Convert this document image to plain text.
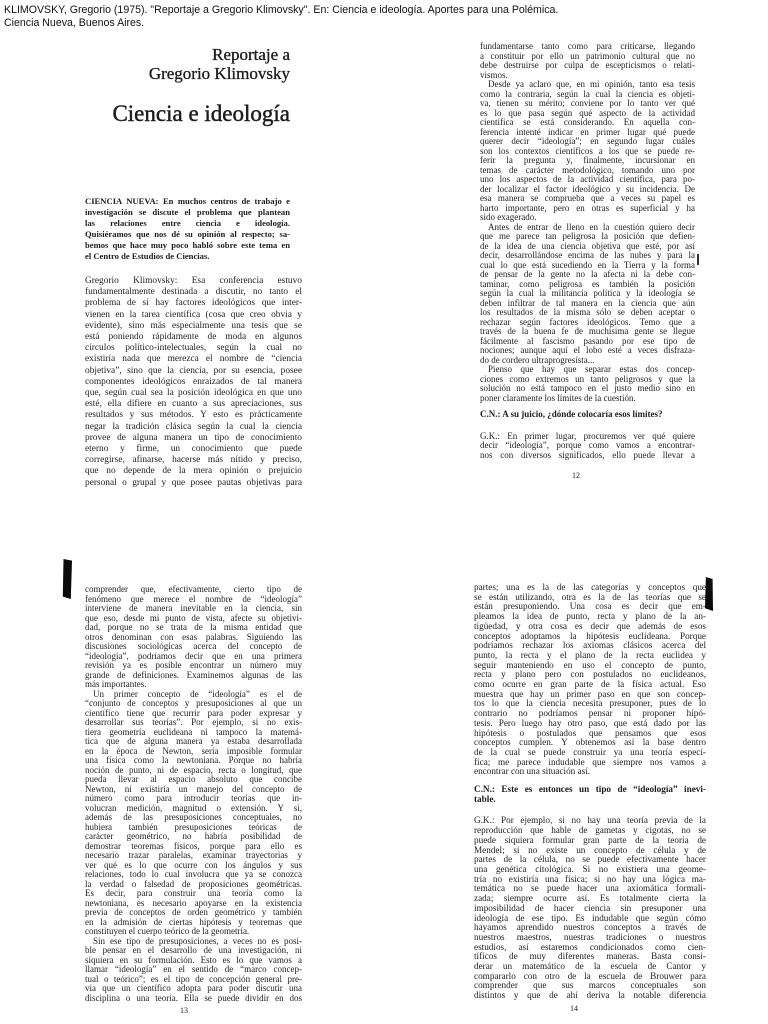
KLIMOVSKY, Gregorio (1975). "Reportaje a Gregorio Klimovsky". En: Ciencia e ideología. Aportes para una Polémica.
Ciencia Nueva, Buenos Aires.
Reportaje a
Gregorio Klimovsky
Ciencia e ideología
CIENCIA NUEVA: En muchos centros de trabajo e
investigación se discute el problema que plantean
las relaciones entre ciencia e ideología.
Quisiéramos que nos dé su opinión al respecto; sa-
bemos que hace muy poco habló sobre este tema en
el Centro de Estudios de Ciencias.
Gregorio Klimovsky: Esa conferencia estuvo
fundamentalmente destinada a discutir, no tanto el
problema de si hay factores ideológicos que inter-
vienen en la tarea científica (cosa que creo obvia y
evidente), sino más especialmente una tesis que se
está poniendo rápidamente de moda en algunos
círculos político-intelectuales, según la cual no
existiría nada que merezca el nombre de “ciencia
objetiva”, sino que la ciencia, por su esencia, posee
componentes ideológicos enraizados de tal manera
que, según cual sea la posición ideológica en que uno
esté, ella difiere en cuanto a sus apreciaciones, sus
resultados y sus métodos. Y esto es prácticamente
negar la tradición clásica según la cual la ciencia
provee de alguna manera un tipo de conocimiento
eterno y firme, un conocimiento que puede
corregirse, afinarse, hacerse más nítido y preciso,
que no depende de la mera opinión o prejuicio
personal o grupal y que posee pautas objetivas para
fundamentarse tanto como para criticarse, llegando
a constituir por ello un patrimonio cultural que no
debe destruirse por culpa de escepticismos o relati-
vismos.
Desde ya aclaro que, en mi opinión, tanto esa tesis
como la contraria, según la cual la ciencia es objeti-
va, tienen su mérito; conviene por lo tanto ver qué
es lo que pasa según qué aspecto de la actividad
científica se está considerando. En aquella con-
ferencia intenté indicar en primer lugar qué puede
querer decir “ideología”; en segundo lugar cuáles
son los contextos científicos a los que se puede re-
ferir la pregunta y, finalmente, incursionar en
temas de carácter metodológico, tomando uno por
uno los aspectos de la actividad científica, para po-
der localizar el factor ideológico y su incidencia. De
esa manera se comprueba que a veces su papel es
harto importante, pero en otras es superficial y ha
sido exagerado.
Antes de entrar de lleno en la cuestión quiero decir
que me parece tan peligrosa la posición que defien-
de la idea de una ciencia objetiva que esté, por así
decir, desarrollándose encima de las nubes y para la
cual lo que está sucediendo en la Tierra y la forma
de pensar de la gente no la afecta ni la debe con-
taminar, como peligrosa es también la posición
según la cual la militancia política y la ideología se
deben infiltrar de tal manera en la ciencia que aún
los resultados de la misma sólo se deben aceptar o
rechazar según factores ideológicos. Temo que a
través de la buena fe de muchísima gente se llegue
fácilmente al fascismo pasando por ese tipo de
nociones; aunque aquí el lobo esté a veces disfraza-
do de cordero ultraprogresista...
Pienso que hay que separar estas dos concep-
ciones como extremos un tanto peligrosos y que la
solución no está tampoco en el justo medio sino en
poner claramente los límites de la cuestión.
C.N.: A su juicio, ¿dónde colocaría esos límites?
G.K.: En primer lugar, procuremos ver qué quiere
decir “ideología”, porque como vamos a encontrar-
nos con diversos significados, ello puede llevar a
12
comprender que, efectivamente, cierto tipo de
fenómeno que merece el nombre de “ideología”
interviene de manera inevitable en la ciencia, sin
que eso, desde mi punto de vista, afecte su objetivi-
dad, porque no se trata de la misma entidad que
otros denominan con esas palabras. Siguiendo las
discusiones sociológicas acerca del concepto de
“ideología”, podríamos decir que en una primera
revisión ya es posible encontrar un número muy
grande de definiciones. Examinemos algunas de las
más importantes.
Un primer concepto de “ideología” es el de
“conjunto de conceptos y presuposiciones al que un
científico tiene que recurrir para poder expresar y
desarrollar sus teorías”. Por ejemplo, si no exis-
tiera geometría euclideana ni tampoco la matemá-
tica que de alguna manera ya estaba desarrollada
en la época de Newton, sería imposible formular
una física como la newtoniana. Porque no habría
noción de punto, ni de espacio, recta o longitud, que
pueda llevar al espacio absoluto que concibe
Newton, ni existiría un manejo del concepto de
número como para introducir teorías que in-
volucran medición, magnitud o extensión. Y si,
además de las presuposiciones conceptuales, no
hubiera también presuposiciones teóricas de
carácter geométrico, no habría posibilidad de
demostrar teoremas físicos, porque para ello es
necesario trazar paralelas, examinar trayectorias y
ver qué es lo que ocurre con los ángulos y sus
relaciones, todo lo cual involucra que ya se conozca
la verdad o falsedad de proposiciones geométricas.
Es decir, para construir una teoría como la
newtoniana, es necesario apoyarse en la existencia
previa de conceptos de orden geométrico y también
en la admisión de ciertas hipótesis y teoremas que
constituyen el cuerpo teórico de la geometría.
Sin ese tipo de presuposiciones, a veces no es posi-
ble pensar en el desarrollo de una investigación, ni
siquiera en su formulación. Esto es lo que vamos a
llamar “ideología” en el sentido de “marco concep-
tual o teórico”; es el tipo de concepción general pre-
via que un científico adopta para poder discutir una
disciplina o una teoría. Ella se puede dividir en dos
13
partes; una es la de las categorías y conceptos que
se están utilizando, otra es la de las teorías que se
están presuponiendo. Una cosa es decir que em-
pleamos la idea de punto, recta y plano de la an-
tigüedad, y otra cosa es decir que además de esos
conceptos adoptamos la hipótesis euclideana. Porque
podríamos rechazar los axiomas clásicos acerca del
punto, la recta y el plano de la recta euclidea y
seguir manteniendo en uso el concepto de punto,
recta y plano pero con postulados no euclideanos,
como ocurre en gran parte de la física actual. Eso
muestra que hay un primer paso en que son concep-
tos lo que la ciencia necesita presuponer, pues de lo
contrario no podríamos pensar ni proponer hipó-
tesis. Pero luego hay otro paso, que está dado por las
hipótesis o postulados que pensamos que esos
conceptos cumplen. Y obtenemos así la base dentro
de la cual se puede construir ya una teoría especí-
fica; me parece indudable que siempre nos vamos a
encontrar con una situación así.
C.N.: Este es entonces un tipo de “ideología” inevi-
table.
G.K.: Por ejemplo, si no hay una teoría previa de la
reproducción que hable de gametas y cigotas, no se
puede siquiera formular gran parte de la teoría de
Mendel; si no existe un concepto de célula y de
partes de la célula, no se puede efectivamente hacer
una genética citológica. Si no existiera una geome-
tría no existiría una física; si no hay una lógica ma-
temática no se puede hacer una axiomática formali-
zada; siempre ocurre así. Es totalmente cierta la
imposibilidad de hacer ciencia sin presuponer una
ideología de ese tipo. Es indudable que según cómo
hayamos aprendido nuestros conceptos a través de
nuestros maestros, nuestras tradiciones o nuestros
estudios, así estaremos condicionados como cien-
tíficos de muy diferentes maneras. Basta consi-
derar un matemático de la escuela de Cantor y
compararlo con otro de la escuela de Brouwer para
comprender que sus marcos conceptuales son
distintos y que de ahí deriva la notable diferencia
14
